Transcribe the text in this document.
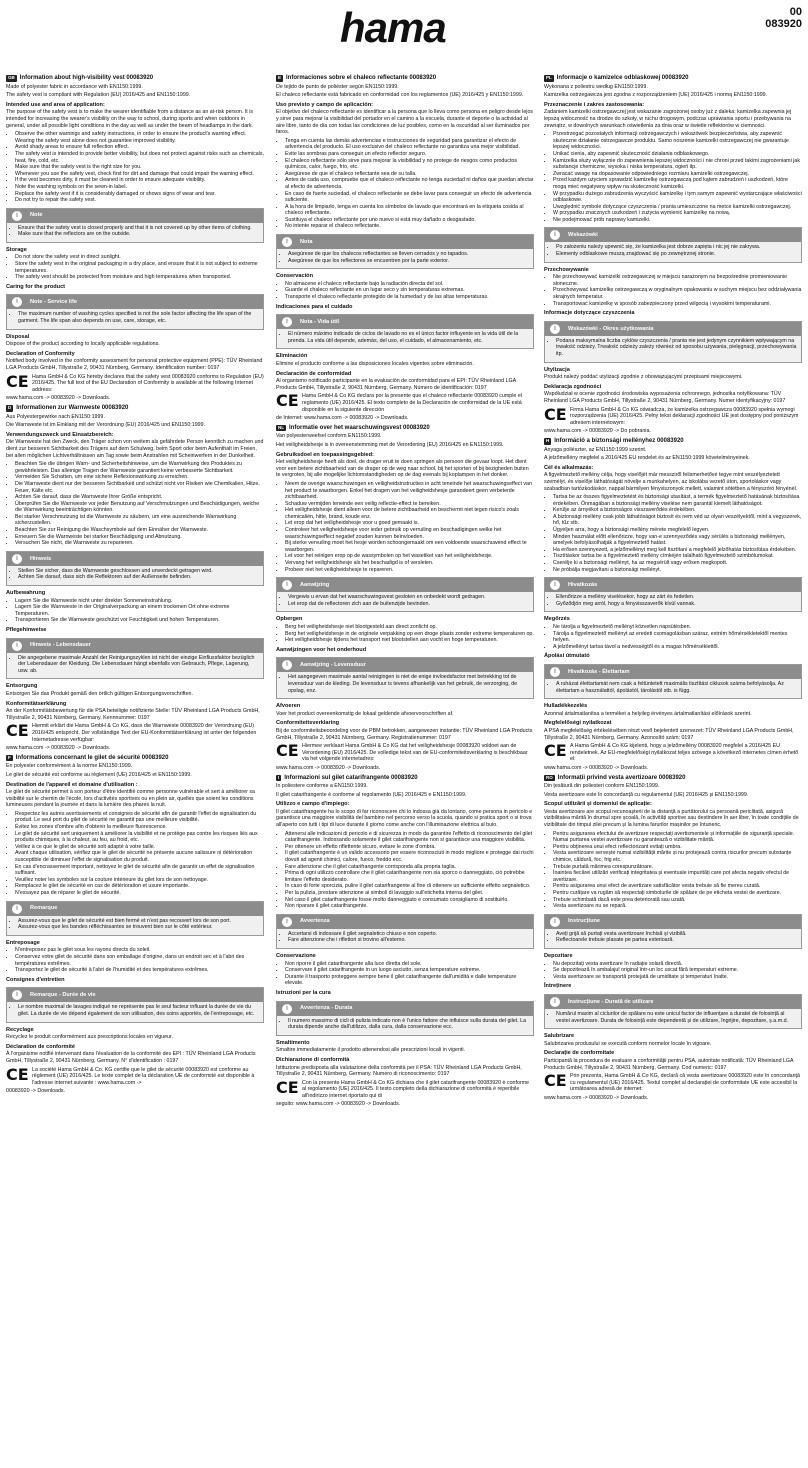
hama	00
083920
GB Information about high-visibility vest 00083920

Made of polyester fabric in accordance with EN1150:1999.

The safety vest is compliant with Regulation (EU) 2016/425 and EN1150:1999.

Intended use and area of application:

The purpose of the safety vest is to make the wearer identifiable from a distance as an at-risk person. It is intended for increasing the wearer's visibility on the way to school, during sports and when outdoors in general, under all possible light conditions in the day as well as under the beam of headlamps in the dark.

• Observe the other warnings and safety instructions, in order to ensure the product's warning effect. Wearing the safety vest alone does not guarantee improved visibility.
• Avoid shady areas to ensure full reflection effect.
• The safety vest is intended to provide better visibility, but does not protect against risks such as chemicals, heat, fire, cold, etc.
• Make sure that the safety vest is the right size for you.
• Whenever you use the safety vest, check first for dirt and damage that could impair the warning effect.
• If the vest becomes dirty, it must be cleaned in order to ensure adequate visibility.
• Note the washing symbols on the sewn-in label.
• Replace the safety vest if it is considerably damaged or shows signs of wear and tear.
• Do not try to repair the safety vest.
i	Note
• Ensure that the safety vest is closed properly and that it is not covered up by other items of clothing.
• Make sure that the reflectors are on the outside.
Storage
• Do not store the safety vest in direct sunlight.
• Store the safety vest in the original packaging in a dry place, and ensure that it is not subject to extreme temperatures.
• The safety vest should be protected from moisture and high temperatures when transported.
Caring for the product
i	Note - Service life
• The maximum number of washing cycles specified is not the sole factor affecting the life span of the garment. The life span also depends on use, care, storage, etc.
Disposal

Dispose of the product according to locally applicable regulations.

Declaration of Conformity

Notified body involved in the conformity assessment for personal protective equipment (PPE): TÜV Rheinland LGA Products GmbH, Tillystraße 2, 90431 Nürnberg, Germany. Identification number: 0197

CE Hama GmbH & Co KG hereby declares that the safety vest 00083920 conforms to Regulation (EU) 2016/425. The full text of the EU Declaration of Conformity is available at the following Internet address:

www.hama.com -> 00083920 -> Downloads.

D Informationen zur Warnweste 00083920

Aus Polyestergewirke nach EN1150:1999.

Die Warnweste ist im Einklang mit der Verordnung (EU) 2016/425 und EN1150:1999.

Verwendungszweck und Einsatzbereich:

Die Warnweste hat den Zweck, den Träger schon von weitem als gefährdete Person kenntlich zu machen und dient zur besseren Sichtbarkeit des Trägers auf dem Schulweg, beim Sport oder beim Aufenthalt im Freien, bei allen möglichen Lichtverhältnissen am Tag sowie beim Anstrahlen mit Scheinwerfern in der Dunkelheit.

• Beachten Sie die übrigen Warn- und Sicherheitshinweise, um die Warnwirkung des Produktes zu gewährleisten. Das alleinige Tragen der Warnweste garantiert keine verbesserte Sichtbarkeit.
• Vermeiden Sie Schatten, um eine sichere Reflexionswirkung zu erreichen.
• Die Warnweste dient nur der besseren Sichtbarkeit und schützt nicht vor Risiken wie Chemikalien, Hitze, Feuer, Kälte etc.
• Achten Sie darauf, dass die Warnweste Ihrer Größe entspricht.
• Überprüfen Sie die Warnweste vor jeder Benutzung auf Verschmutzungen und Beschädigungen, welche die Warnwirkung beeinträchtigen könnten.
• Bei starker Verschmutzung ist die Warnweste zu säubern, um eine ausreichende Warnwirkung sicherzustellen.
• Beachten Sie zur Reinigung die Waschsymbole auf dem Einnäher der Warnweste.
• Erneuern Sie die Warnweste bei starker Beschädigung und Abnutzung.
• Versuchen Sie nicht, die Warnweste zu reparieren.
i	Hinweis
• Stellen Sie sicher, dass die Warnweste geschlossen und unverdeckt getragen wird.
• Achten Sie darauf, dass sich die Reflektoren auf der Außenseite befinden.
Aufbewahrung
• Lagern Sie die Warnweste nicht unter direkter Sonneneinstrahlung.
• Lagern Sie die Warnweste in der Originalverpackung an einem trockenen Ort ohne extreme Temperaturen.
• Transportieren Sie die Warnweste geschützt vor Feuchtigkeit und hohen Temperaturen.
Pflegehinweise
i	Hinweis - Lebensdauer
• Die angegebene maximale Anzahl der Reinigungszyklen ist nicht der einzige Einflussfaktor bezüglich der Lebensdauer der Kleidung. Die Lebensdauer hängt ebenfalls von Gebrauch, Pflege, Lagerung, usw. ab.
Entsorgung

Entsorgen Sie das Produkt gemäß den örtlich gültigen Entsorgungsvorschriften.

Konformitätserklärung

An der Konformitätsbewertung für die PSA beteiligte notifizierte Stelle: TÜV Rheinland LGA Products GmbH, Tillystraße 2, 90431 Nürnberg, Germany. Kennnummer: 0197

CE Hiermit erklärt die Hama GmbH & Co KG, dass die Warnweste 00083920 der Verordnung (EU) 2016/425 entspricht. Der vollständige Text der EU-Konformitätserklärung ist unter der folgenden Internetadresse verfügbar:

www.hama.com -> 00083920 -> Downloads.

F Informations concernant le gilet de sécurité 00083920

En polyester conformément à la norme EN1150:1999.

Le gilet de sécurité est conforme au règlement (UE) 2016/425 et EN1150:1999.

Destination de l'appareil et domaine d'utilisation :

Le gilet de sécurité permet à son porteur d'être identifié comme personne vulnérable et sert à améliorer sa visibilité sur le chemin de l'école, lors d'activités sportives ou en plein air, quelles que soient les conditions lumineuses pendant la journée et dans la lumière des phares la nuit.

• Respectez les autres avertissements et consignes de sécurité afin de garantir l'effet de signalisation du produit. Le seul port du gilet de sécurité ne garantit pas une meilleure visibilité.
• Évitez les zones d'ombre afin d'obtenir la meilleure fluorescence.
• Le gilet de sécurité sert uniquement à améliorer la visibilité et ne protège pas contre les risques liés aux produits chimiques, à la chaleur, au feu, au froid, etc.
• Veillez à ce que le gilet de sécurité soit adapté à votre taille.
• Avant chaque utilisation, vérifiez que le gilet de sécurité ne présente aucune salissure ni détérioration susceptible de diminuer l'effet de signalisation du produit.
• En cas d'encrassement important, nettoyez le gilet de sécurité afin de garantir un effet de signalisation suffisant.
• Veuillez noter les symboles sur la couture intérieure du gilet lors de son nettoyage.
• Remplacez le gilet de sécurité en cas de détérioration et usure importante.
• N'essayez pas de réparer le gilet de sécurité.
i	Remarque
• Assurez-vous que le gilet de sécurité est bien fermé et n'est pas recouvert lors de son port.
• Assurez-vous que les bandes réfléchissantes se trouvent bien sur le côté extérieur.
Entreposage
• N'entreposez pas le gilet sous les rayons directs du soleil.
• Conservez votre gilet de sécurité dans son emballage d'origine, dans un endroit sec et à l'abri des températures extrêmes.
• Transportez le gilet de sécurité à l'abri de l'humidité et des températures extrêmes.
Consignes d'entretien
i	Remarque - Durée de vie
• Le nombre maximal de lavages indiqué ne représente pas le seul facteur influant la durée de vie du gilet. La durée de vie dépend également de son utilisation, des soins apportés, de l'entreposage, etc.
Recyclage

Recyclez le produit conformément aux prescriptions locales en vigueur.

Déclaration de conformité

À l'organisme notifié intervenant dans l'évaluation de la conformité des EPI : TÜV Rheinland LGA Products GmbH, Tillystraße 2, 90431 Nürnberg, Germany. N° d'identification : 0197

CE La société Hama GmbH & Co. KG certifie que le gilet de sécurité 00083920 est conforme au règlement (UE) 2016/425. Le texte complet de la déclaration UE de conformité est disponible à l'adresse internet suivante : www.hama.com ->

00083920 -> Downloads.

E Informaciones sobre el chaleco reflectante 00083920

De tejido de punto de poliéster según EN1150:1999.

El chaleco reflectante está fabricado en conformidad con los reglamentos (UE) 2016/425 y EN1150:1999.

Uso previsto y campo de aplicación:

El objetivo del chaleco reflectante es identificar a la persona que lo lleva como persona en peligro desde lejos y sirve para mejorar la visibilidad del portador en el camino a la escuela, durante el deporte o la actividad al aire libre, tanto de día con todas las condiciones de luz posibles, como en la oscuridad al ser iluminados por faros.

• Tenga en cuenta las demás advertencias e instrucciones de seguridad para garantizar el efecto de advertencia del producto. El uso exclusivo del chaleco reflectante no garantiza una mejor visibilidad.
• Evite las sombras para conseguir un efecto reflector seguro.
• El chaleco reflectante sólo sirve para mejorar la visibilidad y no protege de riesgos como productos químicos, calor, fuego, frío, etc.
• Asegúrese de que el chaleco reflectante sea de su talla.
• Antes de cada uso, compruebe que el chaleco reflectante no tenga suciedad ni daños que puedan afectar al efecto de advertencia.
• En caso de fuerte suciedad, el chaleco reflectante se debe lavar para conseguir un efecto de advertencia suficiente.
• A la hora de limpiarlo, tenga en cuenta los símbolos de lavado que encontrará en la etiqueta cosida al chaleco reflectante.
• Sustituya el chaleco reflectante por uno nuevo si está muy dañado o desgastado.
• No intente reparar el chaleco reflectante.
i	Nota
• Asegúrese de que los chalecos reflectantes se lleven cerrados y no tapados.
• Asegúrese de que los reflectores se encuentren por la parte exterior.
Conservación
• No almacene el chaleco reflectante bajo la radiación directa del sol.
• Guarde el chaleco reflectante en un lugar seco y sin temperaturas extremas.
• Transporte el chaleco reflectante protegido de la humedad y de las altas temperaturas.
Indicaciones para el cuidado
i	Nota - Vida útil
• El número máximo indicado de ciclos de lavado no es el único factor influyente en la vida útil de la prenda. La vida útil depende, además, del uso, el cuidado, el almacenamiento, etc.
Eliminación

Elimine el producto conforme a las disposiciones locales vigentes sobre eliminación.

Declaración de conformidad

Al organismo notificado participante en la evaluación de conformidad para el EPI: TÜV Rheinland LGA Products GmbH, Tillystraße 2, 90431 Nürnberg, Germany. Número de identificación: 0197

CE Hama GmbH & Co KG declara por la presente que el chaleco reflectante 00083920 cumple el reglamento (UE) 2016/425. El texto completo de la Declaración de conformidad de la UE está disponible en la siguiente dirección

de Internet: www.hama.com -> 00083920 -> Downloads.

NL Informatie over het waarschuwingsvest 00083920

Van polyesterweefsel conform EN1150:1999.

Het veiligheidshesje is in overeenstemming met de Verordening (EU) 2016/425 en EN1150:1999.

Gebruiksdoel en toepassingsgebied:

Het veiligheidshesje heeft als doel, de drager eruit te doen springen als persoon die gevaar loopt. Het dient voor een betere zichtbaarheid van de drager op de weg naar school, bij het sporten of bij bezigheden buiten te vergroten, bij alle mogelijke lichtomstandigheden op de dag evenals bij koplampen in het donker.

• Neem de overige waarschuwingen en veiligheidsinstructies in acht teneinde het waarschuwingseffect van het product te waarborgen. Enkel het dragen van het veiligheidshesje garandeert geen verbeterde zichtbaarheid.
• Schaduw vermijden teneinde een veilig reflectie-effect te bereiken.
• Het veiligheidshesje dient alleen voor de betere zichtbaarheid en beschermt niet tegen risico's zoals chemicaliën, hitte, brand, koude enz.
• Let erop dat het veiligheidshesje voor u goed gemaakt is.
• Controleer het veiligheidshesje voor ieder gebruik op verruiling en beschadigingen welke het waarschuwingseffect negatief zouden kunnen beïnvloeden.
• Bij sterke vervuiling moet het hesje worden schoongemaakt om een voldoende waarschuwend effect te waarborgen.
• Let voor het reinigen erop op de wassymbolen op het wasetiket van het veiligheidshesje.
• Vervang het veiligheidshesje als het beschadigd is of versleten.
• Probeer niet het veiligheidshesje te repareren.
i	Aanwijzing
• Vergewis u ervan dat het waarschuwingsvest gesloten en onbedekt wordt gedragen.
• Let erop dat de reflectoren zich aan de buitenzijde bevinden.
Opbergen
• Berg het veiligheidshesje niet blootgesteld aan direct zonlicht op.
• Berg het veiligheidshesje in de originele verpakking op een droge plaats zonder extreme temperaturen op.
• Het veiligheidshesje tijdens het transport niet blootstellen aan vocht en hoge temperaturen.
Aanwijzingen voor het onderhoud
i	Aanwijzing - Levensduur
• Het aangegeven maximale aantal reinigingen is niet de enige invloedsfactor met betrekking tot de levensduur van de kleding. De levensduur is tevens afhankelijk van het gebruik, de verzorging, de opslag, enz.
Afvoeren

Voer het product overeenkomstig de lokaal geldende afvoervoorschriften af.

Conformiteitsverklaring

Bij de conformiteitsbeoordeling voor de PBM betrokken, aangewezen instantie: TÜV Rheinland LGA Products GmbH, Tillystraße 2, 90431 Nürnberg, Germany. Registratienummer: 0197

CE Hiermee verklaart Hama GmbH & Co KG dat het veiligheidshesje 00083920 voldoet aan de Verordening (EU) 2016/425. De volledige tekst van de EU-conformiteitsverklaring is beschikbaar via het volgende internetadres:

www.hama.com -> 00083920 -> Downloads.

I Informazioni sul gilet catarifrangente 00083920

In poliestere conforme a EN1150:1999.

Il gilet catarifrangente è conforme al regolamento (UE) 2016/425 e EN1150:1999.

Utilizzo e campo d'impiego:

Il gilet catarifrangente ha lo scopo di far riconoscere chi lo indossa già da lontano, come persona in pericolo e garantisce una maggiore visibilità del bambino nel percorso verso la scuola, quando si pratica sport o si trova all'aperto con tutti i tipi di luce durante il giorno come anche con l'illuminazione elettrica al buio.

• Attenersi alle indicazioni di pericolo e di sicurezza in modo da garantire l'effetto di riconoscimento del gilet catarifrangente. Indossando solamente il gilet catarifrangente non si garantisce una maggiore visibilità.
• Per ottenere un effetto riflettente sicuro, evitare le zone d'ombra.
• Il gilet catarifrangente è un valido accessorio per essere riconosciuti in modo migliore e protegge dai rischi dovuti ad agenti chimici, calore, fuoco, freddo ecc.
• Fare attenzione che il gilet catarifrangente corrisponda alla propria taglia.
• Prima di ogni utilizzo controllare che il gilet catarifrangente non sia sporco o danneggiato, ciò potrebbe limitare l'effetto desiderato.
• In caso di forte sporcizia, pulire il gilet catarifrangente al fine di ottenere un sufficiente effetto segnaletico.
• Per la pulizia, prestare attenzione ai simboli di lavaggio sull'etichetta interna del gilet.
• Nel caso il gilet catarifrangente fosse molto danneggiato e consumato consigliamo di sostituirlo.
• Non riparare il gilet catarifrangente.
i	Avvertenza
• Accertarsi di indossare il gilet segnaletico chiuso e non coperto.
• Fare attenzione che i riflettori si trovino all'esterno.
Conservazione
• Non riporre il gilet catarifrangente alla luce diretta del sole.
• Conservare il gilet catarifrangente in un luogo asciutto, senza temperature estreme.
• Durante il trasporto proteggere sempre bene il gilet catarifrangente dall'umidità e dalle temperature elevate.
Istruzioni per la cura
i	Avvertenza - Durata
• Il numero massimo di cicli di pulizia indicato non è l'unico fattore che influisce sulla durata del gilet. La durata dipende anche dall'utilizzo, dalla cura, dalla conservazione ecc.
Smaltimento

Smaltire immediatamente il prodotto attenendosi alle prescrizioni locali in vigenti.

Dichiarazione di conformità

Istituzione predisposta alla valutazione della conformità per il PSA: TÜV Rheinland LGA Products GmbH, Tillystraße 2, 90431 Nürnberg, Germany. Numero di riconoscimento: 0197

CE Con la presente Hama GmbH & Co KG dichiara che il gilet catarifrangente 00083920 è conforme al regolamento (UE) 2016/425. Il testo completo della dichiarazione di conformità è reperibile all'indirizzo internet riportato qui di

seguito: www.hama.com -> 00083920 -> Downloads.

PL Informacje o kamizelce odblaskowej 00083920

Wykonana z poliestru według EN1150:1999.

Kamizelka ostrzegawcza jest zgodna z rozporządzeniem (UE) 2016/425 i normą EN1150:1999.

Przeznaczenie i zakres zastosowania:

Zadaniem kamizelki ostrzegawczej jest wskazanie zagrożonej osoby już z daleka; kamizelka zapewnia jej lepszą widoczność na drodze do szkoły, w ruchu drogowym, podczas uprawiania sportu i przebywania na zewnątrz, w dowolnych warunkach oświetlenia za dnia oraz w świetle reflektorów w ciemności.

• Przestrzegać pozostałych informacji ostrzegawczych i wskazówek bezpieczeństwa, aby zapewnić skuteczne działanie ostrzegawcze produktu. Samo noszenie kamizelki ostrzegawczej nie gwarantuje lepszej widoczności.
• Unikać cienia, aby zapewnić skuteczność działania odblaskowego.
• Kamizelka służy wyłącznie do zapewnienia lepszej widoczności i nie chroni przed takimi zagrożeniami jak substancje chemiczne, wysoka i niska temperatura, ogień itp.
• Zwracać uwagę na dopasowanie odpowiedniego rozmiaru kamizelki ostrzegawczej.
• Przed każdym użyciem sprawdzić kamizelkę ostrzegawczą pod kątem zabrudzeń i uszkodzeń, które mogą mieć negatywny wpływ na skuteczność kamizelki.
• W przypadku dużego zabrudzenia wyczyścić kamizelkę i tym samym zapewnić wystarczające właściwości odblaskowe.
• Uwzględnić symbole dotyczące czyszczenia / prania umieszczone na metce kamizelki ostrzegawczej.
• W przypadku znacznych uszkodzeń i zużycia wymienić kamizelkę na nową.
• Nie podejmować prób naprawy kamizelki.
i	Wskazówki
• Po założeniu należy upewnić się, że kamizelka jest dobrze zapięta i nic jej nie zakrywa.
• Elementy odblaskowe muszą znajdować się po zewnętrznej stronie.
Przechowywanie
• Nie przechowywać kamizelki ostrzegawczej w miejscu narażonym na bezpośrednie promieniowanie słoneczne.
• Przechowywać kamizelkę ostrzegawczą w oryginalnym opakowaniu w suchym miejscu bez oddziaływania skrajnych temperatur.
• Transportować kamizelkę w sposób zabezpieczony przed wilgocią i wysokimi temperaturami.
Informacje dotyczące czyszczenia
i	Wskazówki - Okres użytkowania
• Podana maksymalna liczba cyklów czyszczenia / prania nie jest jedynym czynnikiem wpływającym na trwałość odzieży. Trwałość odzieży zależy również od sposobu używania, pielęgnacji, przechowywania itp.
Utylizacja

Produkt należy poddać utylizacji zgodnie z obowiązującymi przepisami miejscowymi.

Deklaracja zgodności

Współudział w ocenie zgodności środowiska wyposażenia ochronnego, jednostka notyfikowana: TÜV Rheinland LGA Products GmbH, Tillystraße 2, 90431 Nürnberg, Germany. Numer identyfikacyjny: 0197

CE Firma Hama GmbH & Co KG oświadcza, że kamizelka ostrzegawcza 00083920 spełnia wymogi rozporządzenia (UE) 2016/425. Pełny tekst deklaracji zgodności UE jest dostępny pod poniższym adresem internetowym:

www.hama.com -> 00083920 -> Do pobrania.

H Információ a biztonsági mellényhez 00083920

Anyaga poliészter, az EN1150:1999 szerint.

A jelzőmellény megfelel a 2016/425 EU rendelet és az EN1150:1999 követelményeinek.

Cél és alkalmazás:

A figyelmeztető mellény célja, hogy viselőjét már messziről felismerhetővé tegye mint veszélyeztetett személyt, és viselője láthatóságát növelje a munkahelyen, az iskolába vezető úton, sportoláskor vagy szabadban tartózkodáskor, nappal bármilyen fényviszonyok mellett, valamint sötétben a fényszóró fényénél.

• Tartsa be az összes figyelmeztetést és biztonsági utasítást, a termék figyelmeztető hatásának biztosítása érdekében. Önmagában a biztonsági mellény viselése nem garantál kiemelt láthatóságot.
• Kerülje az árnyékot a biztonságos visszaverődés érdekében.
• A biztonsági mellény csak jobb láthatóságot biztosít és nem véd az olyan veszélyektől, mint a vegyszerek, hő, tűz stb.
• Ügyeljen arra, hogy a biztonsági mellény mérete megfelelő legyen.
• Minden használat előtt ellenőrizze, hogy van-e szennyeződés vagy sérülés a biztonsági mellényen, amelyek befolyásolhatják a figyelmeztető hatást.
• Ha erősen szennyezett, a jelzőmellényt meg kell tisztítani a megfelelő jelzőhatás biztosítása érdekében.
• Tisztításkor tartsa be a figyelmeztető mellény címkéjén található figyelmeztető szimbólumokat.
• Cserélje ki a biztonsági mellényt, ha az megsérült vagy erősen megkopott.
• Ne próbálja megjavítani a biztonsági mellényt.
i	Hivatkozás
• Ellenőrizze a mellény viselésekor, hogy az zárt és fedetlen.
• Győződjön meg arról, hogy a fényvisszaverők kívül vannak.
Megőrzés
• Ne tárolja a figyelmeztető mellényt közvetlen napsütésben.
• Tárolja a figyelmeztető mellényt az eredeti csomagolásban száraz, extrém hőmérsékletektől mentes helyen.
• A jelzőmellényt tartsa távol a nedvességtől és a magas hőmérséklettől.
Ápolási útmutató
i	Hivatkozás - Élettartam
• A ruházat élettartamát nem csak a feltüntetett maximális tisztítási ciklusok száma befolyásolja. Az élettartam a használattól, ápolástól, tárolástól stb. is függ.
Hulladékkezelés

Azonnal ártalmatlanítsa a terméket a helyileg érvényes ártalmatlanítási előírások szerint.

Megfelelőségi nyilatkozat

A PSA megfelelőség értékelésében részt vevő bejelentett szervezet: TÜV Rheinland LGA Products GmbH, Tillystraße 2, 90431 Nürnberg, Germany. Azonosító szám: 0197

CE A Hama GmbH & Co KG kijelenti, hogy a jelzőmellény 00083920 megfelel a 2016/425 EU rendeletnek. Az EU-megfelelőségi nyilatkozat teljes szövege a következő internetes címen érhető el:

www.hama.com -> 00083920 -> Downloads.

RO Informații privind vesta avertizoare 00083920

Din țesătură din poliesteri conform EN1150:1999.

Vesta avertizoare este în concordanță cu regulamentul (UE) 2016/425 și EN1150:1999.

Scopul utilizării și domeniul de aplicație:

Vesta avertizoare are scopul recunoașterii de la distanță a purtătorului ca persoană periclitată, asigură vizibilitatea mărită în drumul spre școală, în activități sportive sau destindere în aer liber, în toate condițiile de vizibilitate din timpul zilei precum și la lumina farurilor mașinilor pe întuneric.

• Pentru asigurarea efectului de avertizare respectați avertismentele și informațiile de siguranță speciale. Numai purtarea vestei avertizoare nu garantează o vizibilitate mărită.
• Pentru obținerea unui efect reflectorizant evitați umbra.
• Vesta avertizoare servește numai vizibilității mărite și nu protejează contra riscurilor precum substanțe chimice, căldură, foc, frig etc.
• Trebuie purtată mărimea corespunzătoare.
• Înaintea fiecărei utilizări verificați integritatea și eventuale impurități care pot afecta negativ efectul de avertizare.
• Pentru asigurarea unui efect de avertizare satisfăcător vesta trebuie să fie mereu curată.
• Pentru curățare va rugăm să respectați simbolurile de spălare de pe eticheta vestei de avertizare.
• Trebuie schimbată dacă este prea deteriorată sau uzată.
• Vesta avertizoare nu se repară.
i	Instrucțiune
• Aveți grijă să purtați vesta avertizoare închisă și vizibilă.
• Reflectoarele trebuie plasate pe partea exterioară.
Depozitare
• Nu depozitați vesta avertizare în radiație solară directă.
• Se depozitează în ambalajul original într-un loc uscat fără temperaturi extreme.
• Vesta avertizoare se transportă protejată de umiditate și temperaturi înalte.
Întreținere
i	Instrucțiune - Durată de utilizare
• Numărul maxim al ciclurilor de spălare nu este unicul factor de influențare a duratei de folosință al vestei avertizoare. Durata de folosință este dependentă și de utilizare, îngrijire, depozitare, ș.a.m.d.
Salubrizare

Salubrizarea produsului se execută conform normelor locale în vigoare.

Declarație de conformitate

Participantă la procedura de evaluare a conformității pentru PSA, autoritate notificată: TÜV Rheinland LGA Products GmbH, Tillystraße 2, 90431 Nürnberg, Germany. Cod numeric: 0197

CE Prin prezenta, Hama GmbH & Co KG, declară că vesta avertizoare 00083920 este în concordanță cu regulamentul (UE) 2016/425. Textul complet al declarației de conformitate UE este accesibil la următoarea adresă de internet:

www.hama.com -> 00083920 -> Downloads.
